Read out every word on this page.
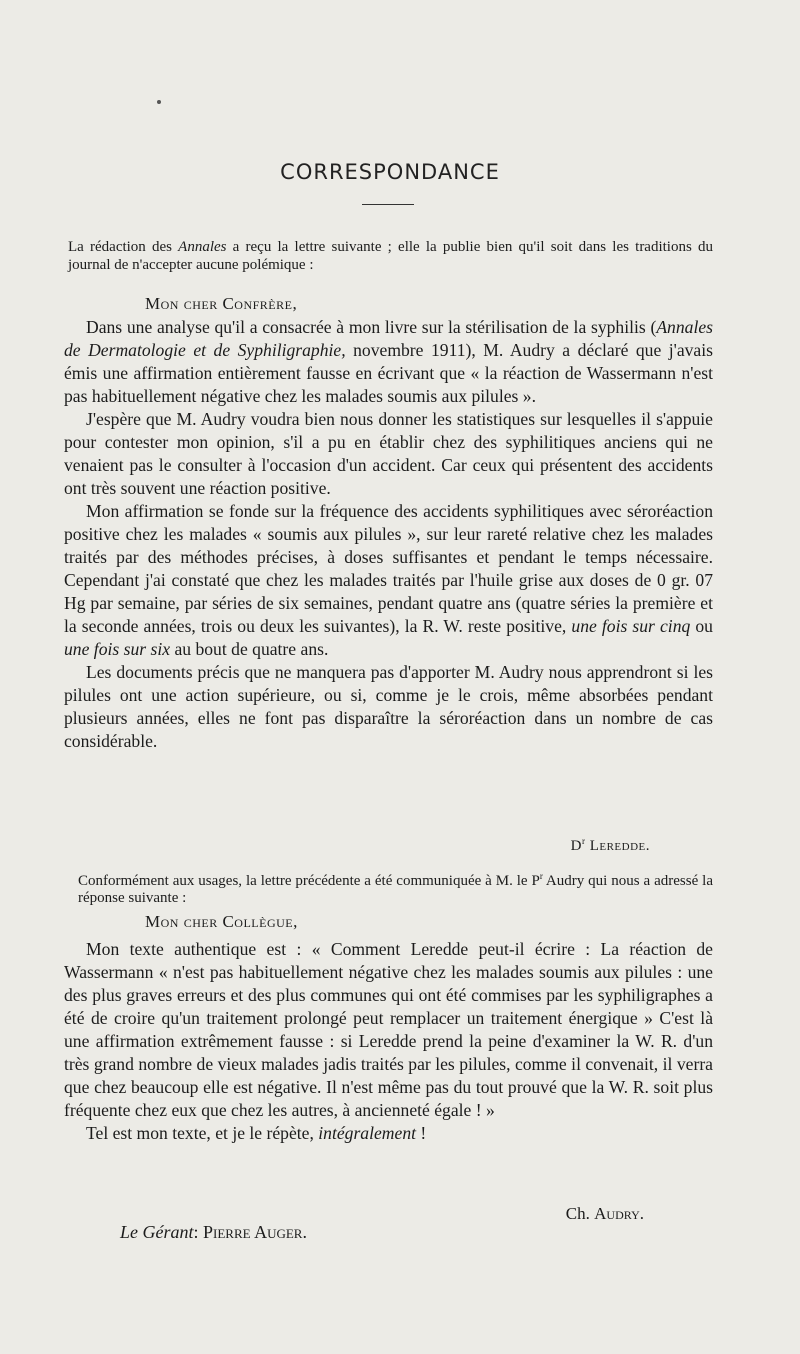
CORRESPONDANCE
La rédaction des Annales a reçu la lettre suivante ; elle la publie bien qu'il soit dans les traditions du journal de n'accepter aucune polémique :
Mon cher Confrère,

Dans une analyse qu'il a consacrée à mon livre sur la stérilisation de la syphilis (Annales de Dermatologie et de Syphiligraphie, novembre 1911), M. Audry a déclaré que j'avais émis une affirmation entièrement fausse en écrivant que « la réaction de Wassermann n'est pas habituellement négative chez les malades soumis aux pilules ».

J'espère que M. Audry voudra bien nous donner les statistiques sur lesquelles il s'appuie pour contester mon opinion, s'il a pu en établir chez des syphilitiques anciens qui ne venaient pas le consulter à l'occasion d'un accident. Car ceux qui présentent des accidents ont très souvent une réaction positive.

Mon affirmation se fonde sur la fréquence des accidents syphilitiques avec séroréaction positive chez les malades « soumis aux pilules », sur leur rareté relative chez les malades traités par des méthodes précises, à doses suffisantes et pendant le temps nécessaire. Cependant j'ai constaté que chez les malades traités par l'huile grise aux doses de 0 gr. 07 Hg par semaine, par séries de six semaines, pendant quatre ans (quatre séries la première et la seconde années, trois ou deux les suivantes), la R. W. reste positive, une fois sur cinq ou une fois sur six au bout de quatre ans.

Les documents précis que ne manquera pas d'apporter M. Audry nous apprendront si les pilules ont une action supérieure, ou si, comme je le crois, même absorbées pendant plusieurs années, elles ne font pas disparaître la séroréaction dans un nombre de cas considérable.

$D^r$ Leredde.
Conformément aux usages, la lettre précédente a été communiquée à M. le $P^r$ Audry qui nous a adressé la réponse suivante :
Mon cher Collègue,

Mon texte authentique est : « Comment Leredde peut-il écrire : La réaction de Wassermann « n'est pas habituellement négative chez les malades soumis aux pilules : une des plus graves erreurs et des plus communes qui ont été commises par les syphiligraphes a été de croire qu'un traitement prolongé peut remplacer un traitement énergique » C'est là une affirmation extrêmement fausse : si Leredde prend la peine d'examiner la W. R. d'un très grand nombre de vieux malades jadis traités par les pilules, comme il convenait, il verra que chez beaucoup elle est négative. Il n'est même pas du tout prouvé que la W. R. soit plus fréquente chez eux que chez les autres, à ancienneté égale ! »

Tel est mon texte, et je le répète, intégralement !

Ch. Audry.
Le Gérant: Pierre Auger.
